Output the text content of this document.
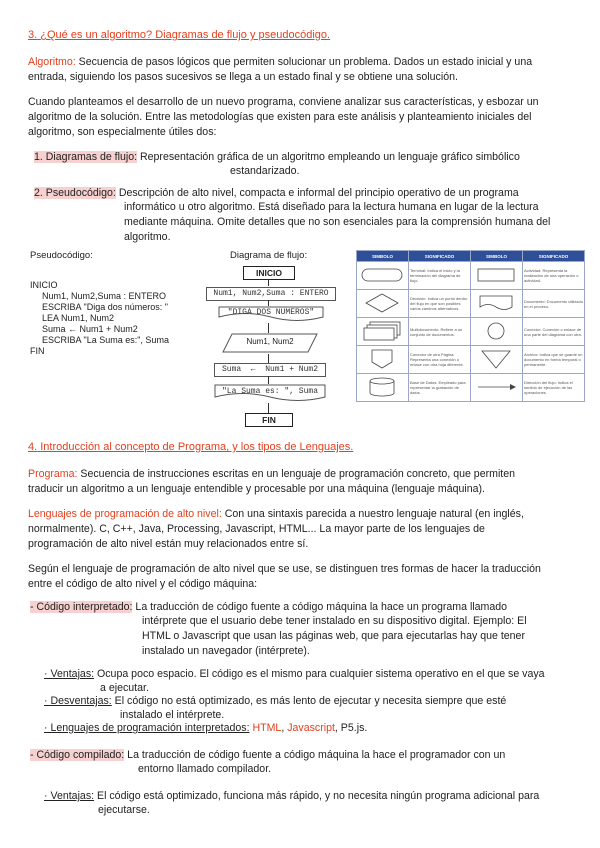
3. ¿Qué es un algoritmo? Diagramas de flujo y pseudocódigo.
Algoritmo: Secuencia de pasos lógicos que permiten solucionar un problema. Dados un estado inicial y una
entrada, siguiendo los pasos sucesivos se llega a un estado final y se obtiene una solución.
Cuando planteamos el desarrollo de un nuevo programa, conviene analizar sus características, y esbozar un
algoritmo de la solución. Entre las metodologías que existen para este análisis y planteamiento iniciales del
algoritmo, son especialmente útiles dos:
1. Diagramas de flujo: Representación gráfica de un algoritmo empleando un lenguaje gráfico simbólico
estandarizado.
2. Pseudocódigo: Descripción de alto nivel, compacta e informal del principio operativo de un programa
informático u otro algoritmo. Está diseñado para la lectura humana en lugar de la lectura
mediante máquina. Omite detalles que no son esenciales para la comprensión humana del
algoritmo.
Pseudocódigo:
INICIO
Num1, Num2,Suma : ENTERO
ESCRIBA "Diga dos números: "
LEA Num1, Num2
Suma ← Num1 + Num2
ESCRIBA "La Suma es:", Suma
FIN
Diagrama de flujo:
INICIO
Num1, Num2,Suma : ENTERO
"DIGA DOS NUMEROS"
Num1, Num2
Suma ← Num1 + Num2
"La Suma es: ", Suma
FIN
SIMBOLO	SIGNIFICADO	SIMBOLO	SIGNIFICADO
	Terminal: Indica el inicio y la terminación del diagrama de flujo.		Actividad: Representa la realización de una operación o actividad.
	Decisión: Indica un punto dentro del flujo en que son posibles varios caminos alternativos.		Documento: Documento utilizado en el proceso.
	Multidocumento: Refiere a un conjunto de documentos.		Conector: Conexión o enlace de una parte del diagrama con otra.
	Conector de otra Página: Representa una conexión o enlace con otra hoja diferente.		Archivo: Indica que se guarde un documento en forma temporal o permanente.
	Base de Datos: Empleado para representar la grabación de datos.		Dirección del flujo: Indica el sentido de ejecución de las operaciones.
4. Introducción al concepto de Programa, y los tipos de Lenguajes.
Programa: Secuencia de instrucciones escritas en un lenguaje de programación concreto, que permiten
traducir un algoritmo a un lenguaje entendible y procesable por una máquina (lenguaje máquina).
Lenguajes de programación de alto nivel: Con una sintaxis parecida a nuestro lenguaje natural (en inglés,
normalmente). C, C++, Java, Processing, Javascript, HTML... La mayor parte de los lenguajes de
programación de alto nivel están muy relacionados entre sí.
Según el lenguaje de programación de alto nivel que se use, se distinguen tres formas de hacer la traducción
entre el código de alto nivel y el código máquina:
- Código interpretado: La traducción de código fuente a código máquina la hace un programa llamado
intérprete que el usuario debe tener instalado en su dispositivo digital. Ejemplo: El
HTML o Javascript que usan las páginas web, que para ejecutarlas hay que tener
instalado un navegador (intérprete).
· Ventajas: Ocupa poco espacio. El código es el mismo para cualquier sistema operativo en el que se vaya
a ejecutar.
· Desventajas: El código no está optimizado, es más lento de ejecutar y necesita siempre que esté
instalado el intérprete.
· Lenguajes de programación interpretados: HTML, Javascript, P5.js.
- Código compilado: La traducción de código fuente a código máquina la hace el programador con un
entorno llamado compilador.
· Ventajas: El código está optimizado, funciona más rápido, y no necesita ningún programa adicional para
ejecutarse.
